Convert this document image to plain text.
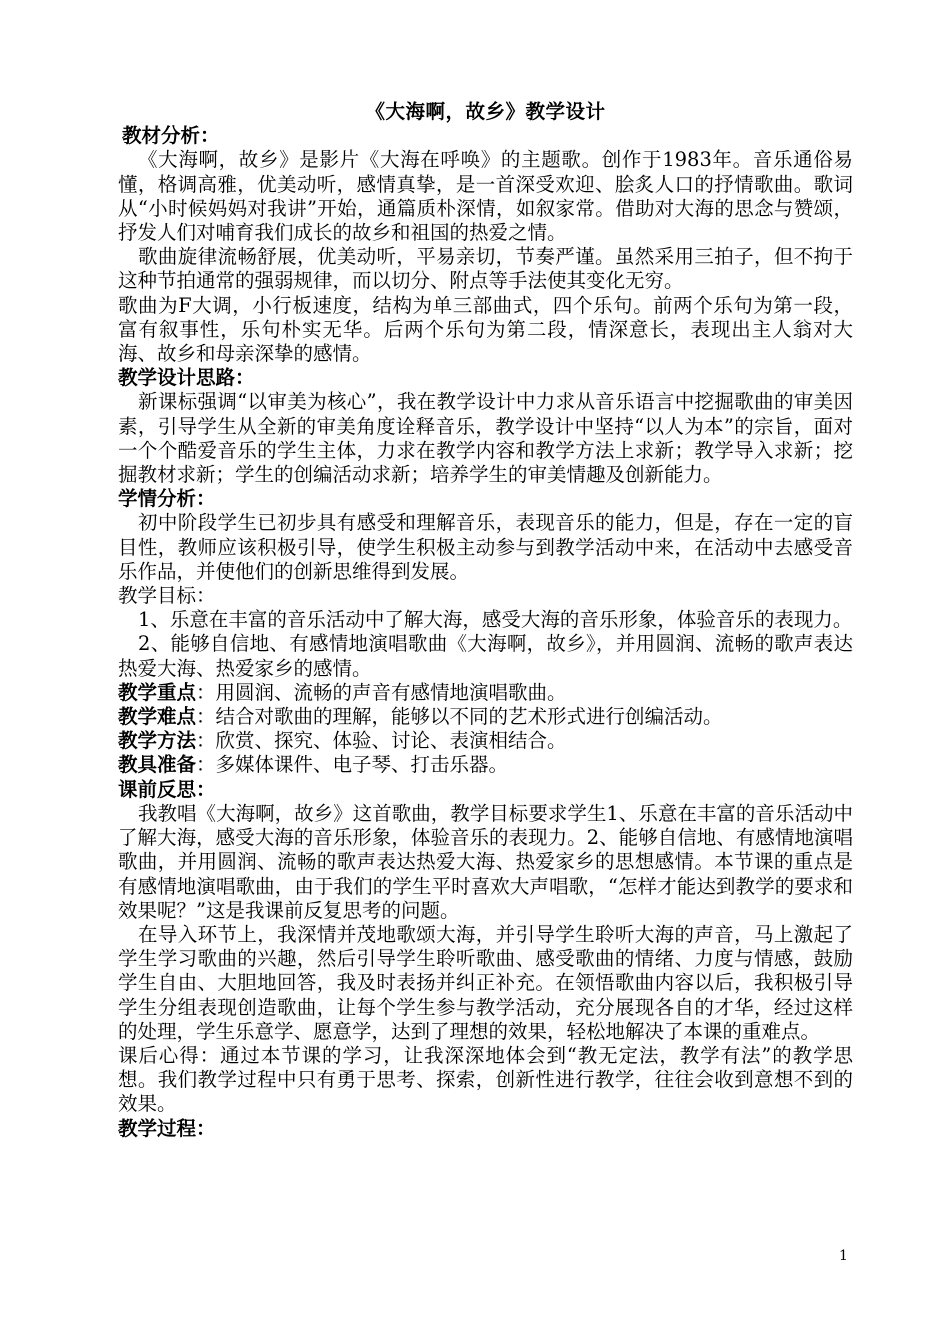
《大海啊，故乡》教学设计

教材分析：

《大海啊，故乡》是影片《大海在呼唤》的主题歌。创作于1983年。音乐通俗易懂，格调高雅，优美动听，感情真挚，是一首深受欢迎、脍炙人口的抒情歌曲。歌词从“小时候妈妈对我讲”开始，通篇质朴深情，如叙家常。借助对大海的思念与赞颂，抒发人们对哺育我们成长的故乡和祖国的热爱之情。

歌曲旋律流畅舒展，优美动听，平易亲切，节奏严谨。虽然采用三拍子，但不拘于这种节拍通常的强弱规律，而以切分、附点等手法使其变化无穷。

歌曲为F大调，小行板速度，结构为单三部曲式，四个乐句。前两个乐句为第一段，富有叙事性，乐句朴实无华。后两个乐句为第二段，情深意长，表现出主人翁对大海、故乡和母亲深挚的感情。

教学设计思路：

新课标强调“以审美为核心”，我在教学设计中力求从音乐语言中挖掘歌曲的审美因素，引导学生从全新的审美角度诠释音乐，教学设计中坚持“以人为本”的宗旨，面对一个个酷爱音乐的学生主体，力求在教学内容和教学方法上求新；教学导入求新；挖掘教材求新；学生的创编活动求新；培养学生的审美情趣及创新能力。

学情分析：

初中阶段学生已初步具有感受和理解音乐，表现音乐的能力，但是，存在一定的盲目性，教师应该积极引导，使学生积极主动参与到教学活动中来，在活动中去感受音乐作品，并使他们的创新思维得到发展。

教学目标：

1、乐意在丰富的音乐活动中了解大海，感受大海的音乐形象，体验音乐的表现力。

2、能够自信地、有感情地演唱歌曲《大海啊，故乡》，并用圆润、流畅的歌声表达热爱大海、热爱家乡的感情。

教学重点：用圆润、流畅的声音有感情地演唱歌曲。

教学难点：结合对歌曲的理解，能够以不同的艺术形式进行创编活动。

教学方法：欣赏、探究、体验、讨论、表演相结合。

教具准备：多媒体课件、电子琴、打击乐器。

课前反思：

我教唱《大海啊，故乡》这首歌曲，教学目标要求学生1、乐意在丰富的音乐活动中了解大海，感受大海的音乐形象，体验音乐的表现力。2、能够自信地、有感情地演唱歌曲，并用圆润、流畅的歌声表达热爱大海、热爱家乡的思想感情。本节课的重点是有感情地演唱歌曲，由于我们的学生平时喜欢大声唱歌，“怎样才能达到教学的要求和效果呢？”这是我课前反复思考的问题。

在导入环节上，我深情并茂地歌颂大海，并引导学生聆听大海的声音，马上激起了学生学习歌曲的兴趣，然后引导学生聆听歌曲、感受歌曲的情绪、力度与情感，鼓励学生自由、大胆地回答，我及时表扬并纠正补充。在领悟歌曲内容以后，我积极引导学生分组表现创造歌曲，让每个学生参与教学活动，充分展现各自的才华，经过这样的处理，学生乐意学、愿意学，达到了理想的效果，轻松地解决了本课的重难点。

课后心得：通过本节课的学习，让我深深地体会到“教无定法，教学有法”的教学思想。我们教学过程中只有勇于思考、探索，创新性进行教学，往往会收到意想不到的效果。

教学过程：

1
